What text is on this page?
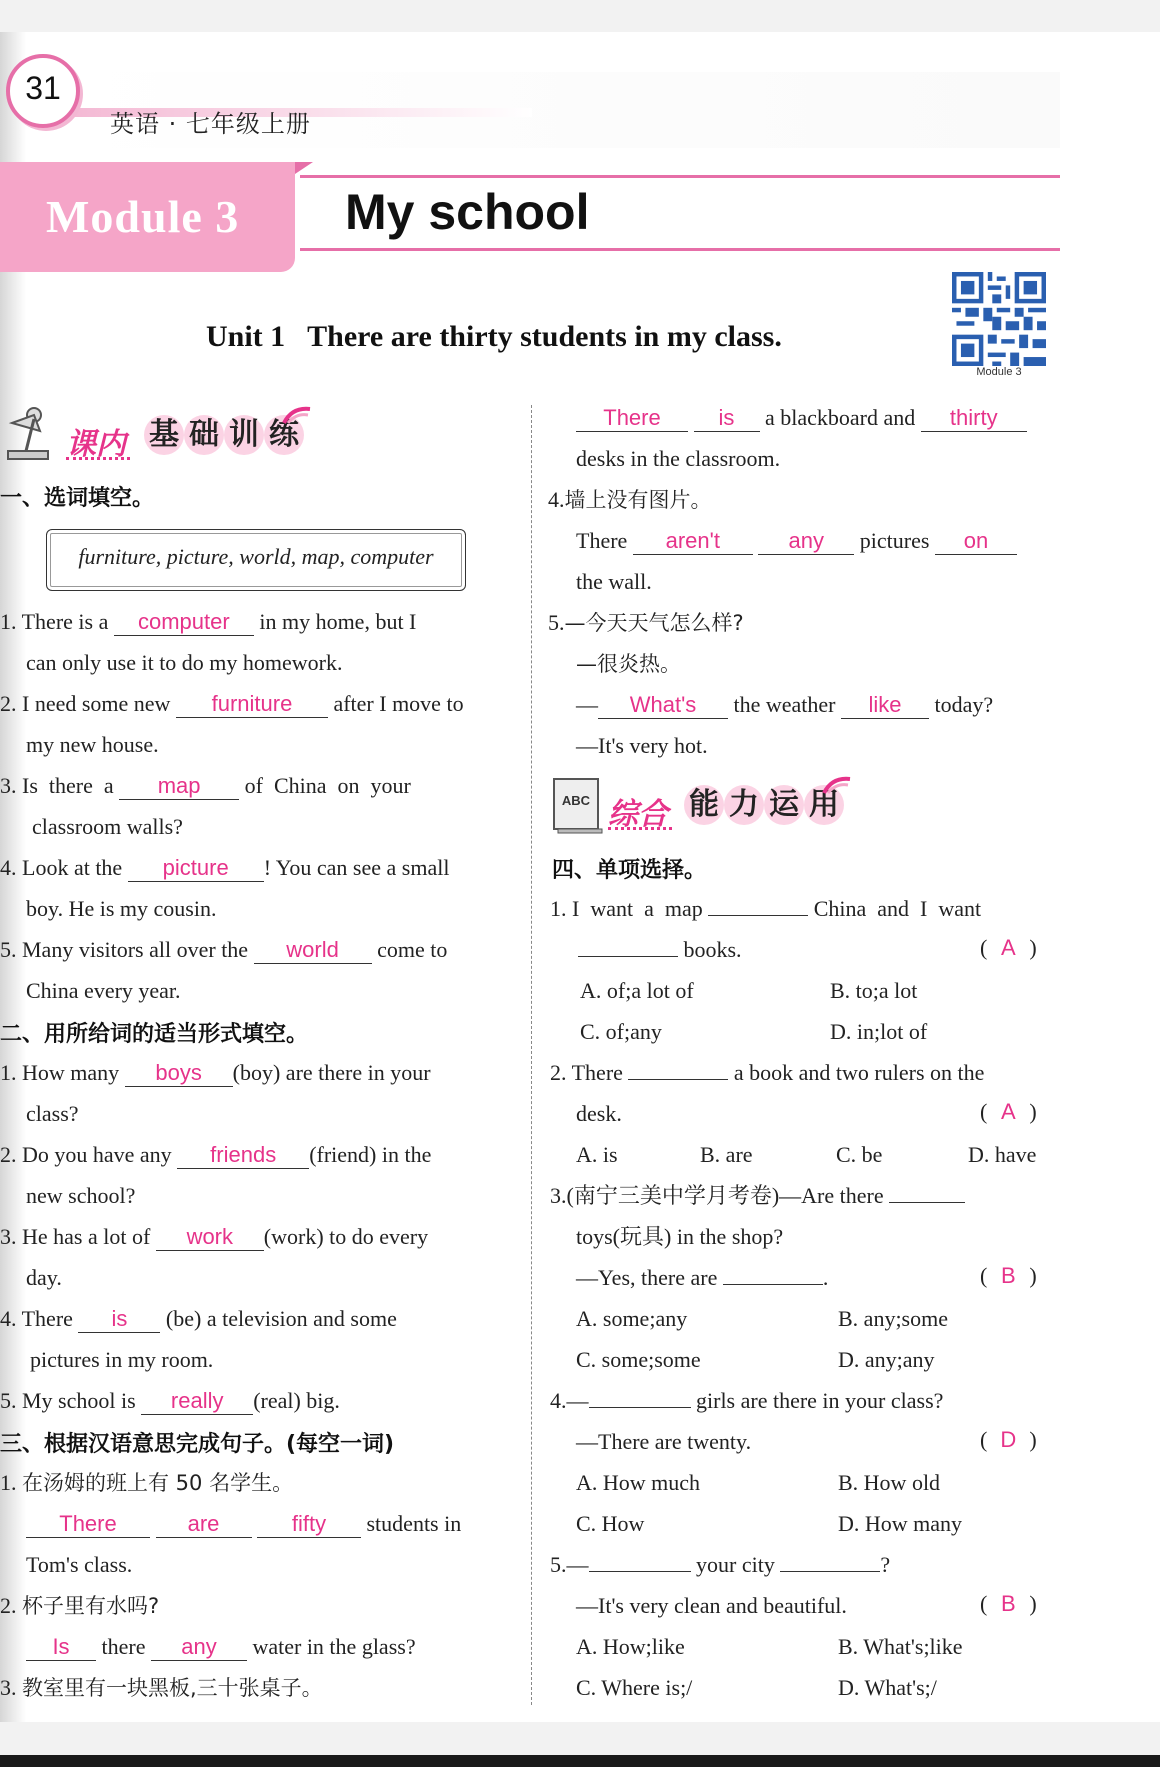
31
英语 · 七年级上册
Module 3 My school
Unit 1   There are thirty students in my class.
Module 3
课内 基 础 训 练
一、选词填空。
furniture, picture, world, map, computer
1. There is a computer in my home, but I
can only use it to do my homework.
2. I need some new furniture after I move to
my new house.
3. Is  there  a map of  China  on  your
classroom walls?
4. Look at the picture ! You can see a small
boy. He is my cousin.
5. Many visitors all over the world come to
China every year.
二、用所给词的适当形式填空。
1. How many boys (boy) are there in your
class?
2. Do you have any friends (friend) in the
new school?
3. He has a lot of work (work) to do every
day.
4. There is (be) a television and some
pictures in my room.
5. My school is really (real) big.
三、根据汉语意思完成句子。(每空一词)
1. 在汤姆的班上有 50 名学生。
There	are	fifty students in
Tom's class.
2. 杯子里有水吗?
Is there any water in the glass?
3. 教室里有一块黑板,三十张桌子。
There	is a blackboard and thirty
desks in the classroom.
4.墙上没有图片。
There aren't	any pictures on
the wall.
5.—今天天气怎么样?
—很炎热。
— What's the weather like today?
—It's very hot.
ABC 综合 能 力 运 用
四、单项选择。
1. I  want  a  map	China  and  I  want
books.	( A )
A. of;a lot of	B. to;a lot
C. of;any	D. in;lot of
2. There	a book and two rulers on the
desk.	( A )
A. is	B. are	C. be	D. have
3.(南宁三美中学月考卷)—Are there
toys(玩具) in the shop?
—Yes, there are	.	( B )
A. some;any	B. any;some
C. some;some	D. any;any
4.—	girls are there in your class?
—There are twenty.	( D )
A. How much	B. How old
C. How	D. How many
5.—	your city	?
—It's very clean and beautiful.	( B )
A. How;like	B. What's;like
C. Where is;/	D. What's;/
